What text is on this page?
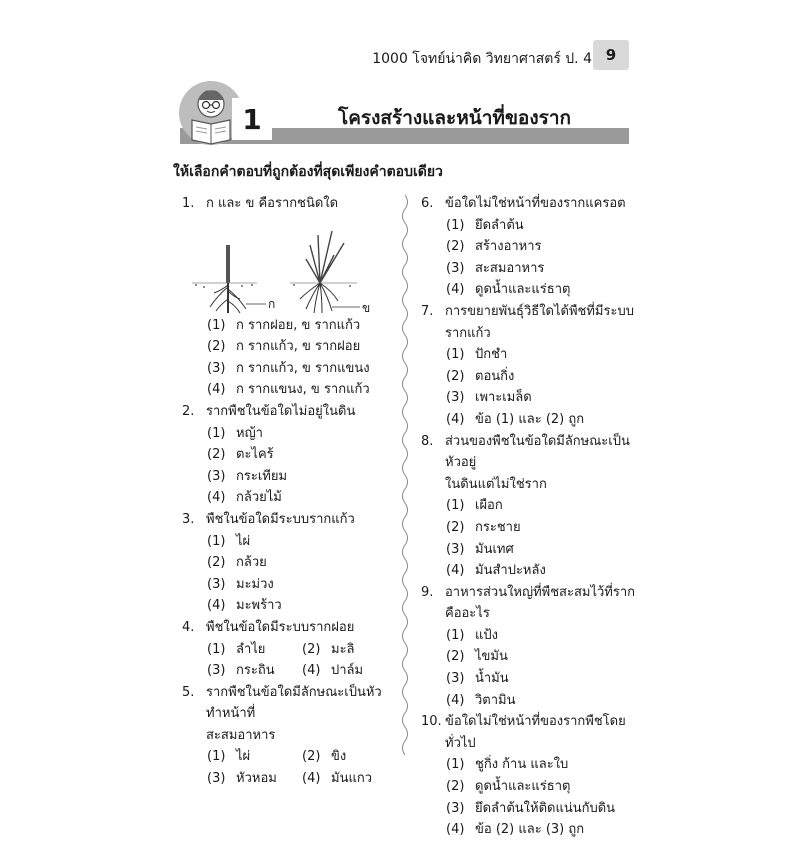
1000 โจทย์น่าคิด วิทยาศาสตร์ ป. 4 9
1	โครงสร้างและหน้าที่ของราก
ให้เลือกคำตอบที่ถูกต้องที่สุดเพียงคำตอบเดียว
1. ก และ ข คือรากชนิดใด
ก	ข
(1) ก รากฝอย, ข รากแก้ว
(2) ก รากแก้ว, ข รากฝอย
(3) ก รากแก้ว, ข รากแขนง
(4) ก รากแขนง, ข รากแก้ว
2. รากพืชในข้อใดไม่อยู่ในดิน
(1) หญ้า
(2) ตะไคร้
(3) กระเทียม
(4) กล้วยไม้
3. พืชในข้อใดมีระบบรากแก้ว
(1) ไผ่
(2) กล้วย
(3) มะม่วง
(4) มะพร้าว
4. พืชในข้อใดมีระบบรากฝอย
(1) ลำไย	(2) มะลิ
(3) กระถิน (4) ปาล์ม
5. รากพืชในข้อใดมีลักษณะเป็นหัวทำหน้าที่
สะสมอาหาร
(1) ไผ่	(2) ขิง
(3) หัวหอม (4) มันแกว
6. ข้อใดไม่ใช่หน้าที่ของรากแครอต
(1) ยึดลำต้น
(2) สร้างอาหาร
(3) สะสมอาหาร
(4) ดูดน้ำและแร่ธาตุ
7. การขยายพันธุ์วิธีใดได้พืชที่มีระบบรากแก้ว
(1) ปักชำ
(2) ตอนกิ่ง
(3) เพาะเมล็ด
(4) ข้อ (1) และ (2) ถูก
8. ส่วนของพืชในข้อใดมีลักษณะเป็นหัวอยู่
ในดินแต่ไม่ใช่ราก
(1) เผือก
(2) กระชาย
(3) มันเทศ
(4) มันสำปะหลัง
9. อาหารส่วนใหญ่ที่พืชสะสมไว้ที่รากคืออะไร
(1) แป้ง
(2) ไขมัน
(3) น้ำมัน
(4) วิตามิน
10. ข้อใดไม่ใช่หน้าที่ของรากพืชโดยทั่วไป
(1) ชูกิ่ง ก้าน และใบ
(2) ดูดน้ำและแร่ธาตุ
(3) ยึดลำต้นให้ติดแน่นกับดิน
(4) ข้อ (2) และ (3) ถูก
